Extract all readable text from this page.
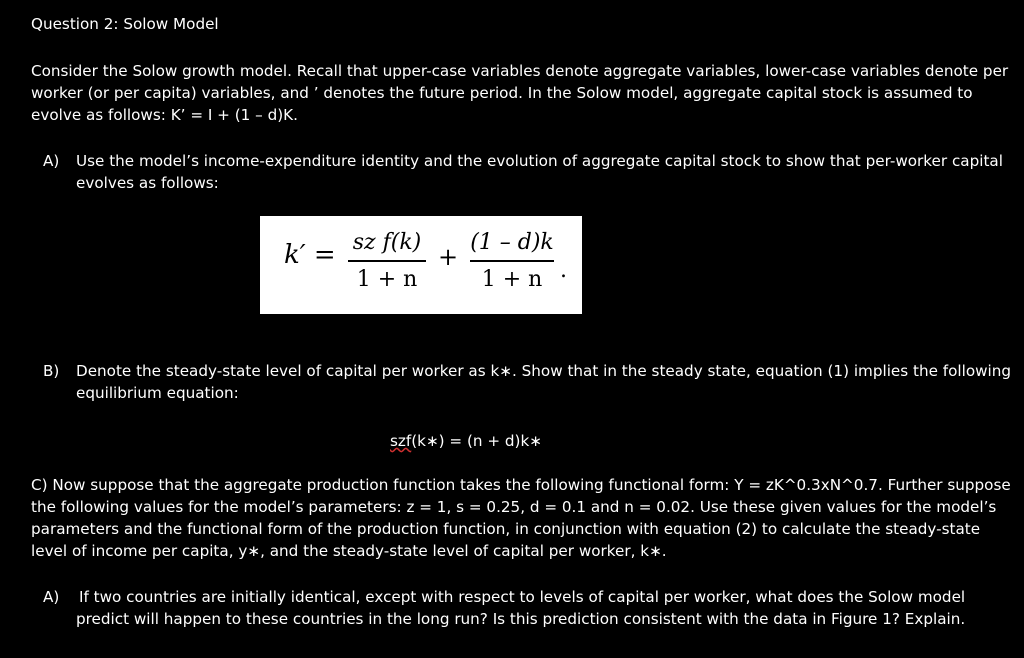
Question 2: Solow Model
Consider the Solow growth model. Recall that upper-case variables denote aggregate variables, lower-case variables denote per
worker (or per capita) variables, and ’ denotes the future period. In the Solow model, aggregate capital stock is assumed to
evolve as follows: K’ = I + (1 – d)K.
A) Use the model’s income-expenditure identity and the evolution of aggregate capital stock to show that per-worker capital
evolves as follows:
k′ = sz f(k)
1 + n
+
(1 – d)k
1 + n .
B) Denote the steady-state level of capital per worker as k∗. Show that in the steady state, equation (1) implies the following
equilibrium equation:
szf(k∗) = (n + d)k∗
C) Now suppose that the aggregate production function takes the following functional form: Y = zK^0.3xN^0.7. Further suppose
the following values for the model’s parameters: z = 1, s = 0.25, d = 0.1 and n = 0.02. Use these given values for the model’s
parameters and the functional form of the production function, in conjunction with equation (2) to calculate the steady-state
level of income per capita, y∗, and the steady-state level of capital per worker, k∗.
A) If two countries are initially identical, except with respect to levels of capital per worker, what does the Solow model
predict will happen to these countries in the long run? Is this prediction consistent with the data in Figure 1? Explain.
